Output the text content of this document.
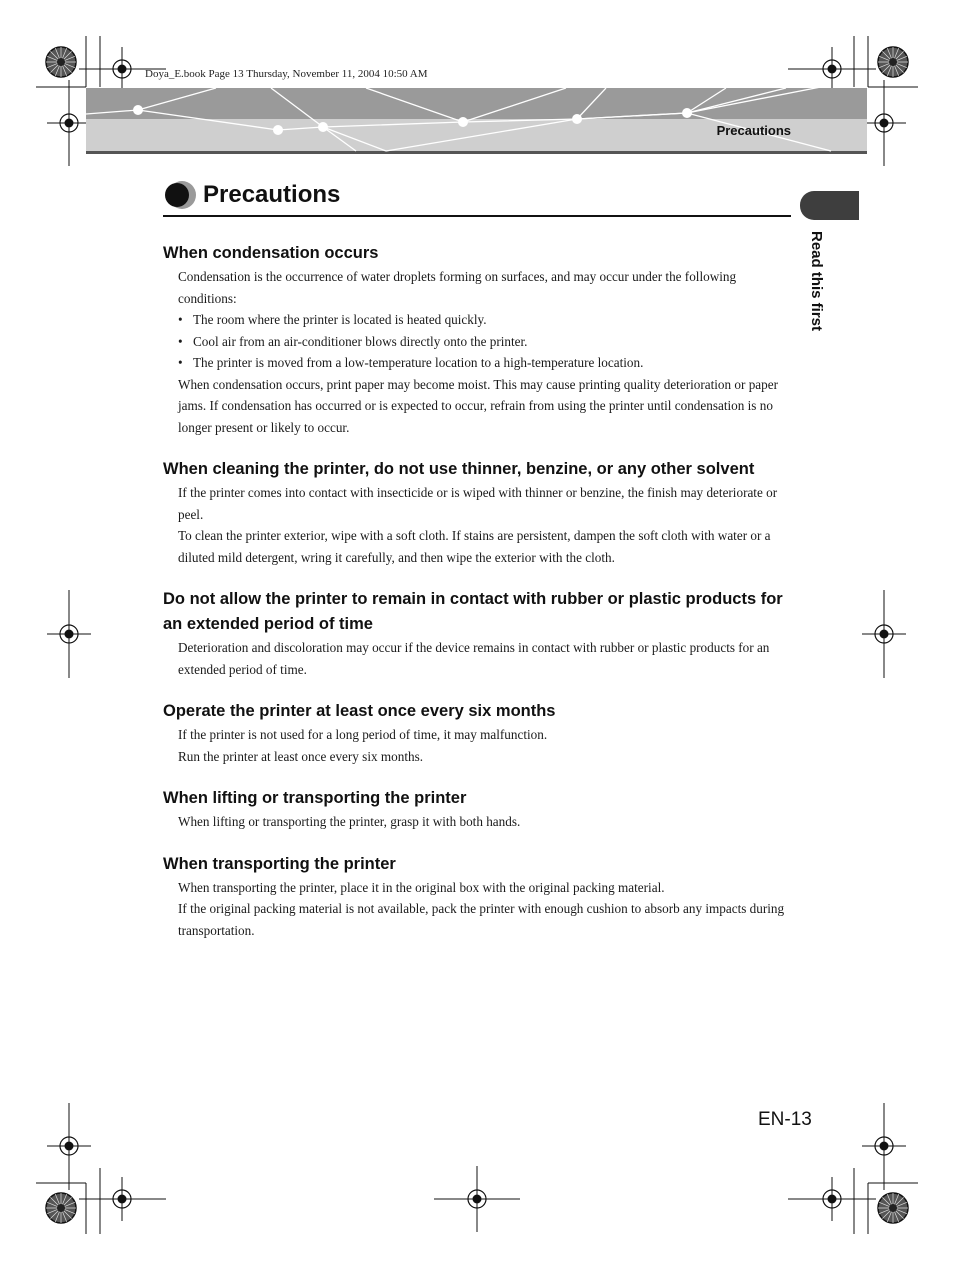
Doya_E.book Page 13 Thursday, November 11, 2004 10:50 AM
Precautions
Read this first
Precautions
When condensation occurs

Condensation is the occurrence of water droplets forming on surfaces, and may occur under the following conditions:

• The room where the printer is located is heated quickly.
• Cool air from an air-conditioner blows directly onto the printer.
• The printer is moved from a low-temperature location to a high-temperature location.

When condensation occurs, print paper may become moist. This may cause printing quality deterioration or paper jams. If condensation has occurred or is expected to occur, refrain from using the printer until condensation is no longer present or likely to occur.

When cleaning the printer, do not use thinner, benzine, or any other solvent

If the printer comes into contact with insecticide or is wiped with thinner or benzine, the finish may deteriorate or peel.

To clean the printer exterior, wipe with a soft cloth. If stains are persistent, dampen the soft cloth with water or a diluted mild detergent, wring it carefully, and then wipe the exterior with the cloth.

Do not allow the printer to remain in contact with rubber or plastic products for an extended period of time

Deterioration and discoloration may occur if the device remains in contact with rubber or plastic products for an extended period of time.

Operate the printer at least once every six months

If the printer is not used for a long period of time, it may malfunction.

Run the printer at least once every six months.

When lifting or transporting the printer

When lifting or transporting the printer, grasp it with both hands.

When transporting the printer

When transporting the printer, place it in the original box with the original packing material.

If the original packing material is not available, pack the printer with enough cushion to absorb any impacts during transportation.

EN-13
